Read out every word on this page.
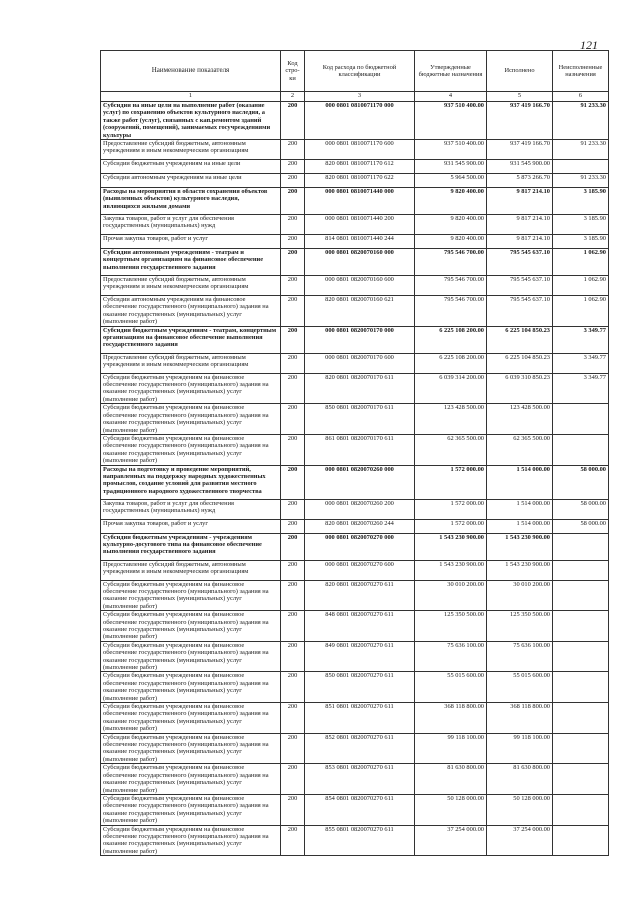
121
Наименование показателя	Код стро-ки	Код расхода по бюджетной классификации	Утвержденные бюджетные назначения	Исполнено	Неисполненные назначения
1	2	3	4	5	6
Субсидии на иные цели на выполнение работ (оказание услуг) по сохранению объектов культурного наследия, а также работ (услуг), связанных с кап.ремонтом зданий (сооружений, помещений), занимаемых госучреждениями культуры	200	000 0801 0810071170 000	937 510 400.00	937 419 166.70	91 233.30
Предоставление субсидий бюджетным, автономным учреждениям и иным некоммерческим организациям	200	000 0801 0810071170 600	937 510 400.00	937 419 166.70	91 233.30
Субсидии бюджетным учреждениям на иные цели	200	820 0801 0810071170 612	931 545 900.00	931 545 900.00	
Субсидии автономным учреждениям на иные цели	200	820 0801 0810071170 622	5 964 500.00	5 873 266.70	91 233.30
Расходы на мероприятия в области сохранения объектов (выявленных объектов) культурного наследия, являющихся жилыми домами	200	000 0801 0810071440 000	9 820 400.00	9 817 214.10	3 185.90
Закупка товаров, работ и услуг для обеспечения государственных (муниципальных) нужд	200	000 0801 0810071440 200	9 820 400.00	9 817 214.10	3 185.90
Прочая закупка товаров, работ и услуг	200	814 0801 0810071440 244	9 820 400.00	9 817 214.10	3 185.90
Субсидии автономным учреждениям - театрам и концертным организациям на финансовое обеспечение выполнения государственного задания	200	000 0801 0820070160 000	795 546 700.00	795 545 637.10	1 062.90
Предоставление субсидий бюджетным, автономным учреждениям и иным некоммерческим организациям	200	000 0801 0820070160 600	795 546 700.00	795 545 637.10	1 062.90
Субсидии автономным учреждениям на финансовое обеспечение государственного (муниципального) задания на оказание государственных (муниципальных) услуг (выполнение работ)	200	820 0801 0820070160 621	795 546 700.00	795 545 637.10	1 062.90
Субсидии бюджетным учреждениям - театрам, концертным организациям на финансовое обеспечение выполнения государственного задания	200	000 0801 0820070170 000	6 225 108 200.00	6 225 104 850.23	3 349.77
Предоставление субсидий бюджетным, автономным учреждениям и иным некоммерческим организациям	200	000 0801 0820070170 600	6 225 108 200.00	6 225 104 850.23	3 349.77
Субсидии бюджетным учреждениям на финансовое обеспечение государственного (муниципального) задания на оказание государственных (муниципальных) услуг (выполнение работ)	200	820 0801 0820070170 611	6 039 314 200.00	6 039 310 850.23	3 349.77
Субсидии бюджетным учреждениям на финансовое обеспечение государственного (муниципального) задания на оказание государственных (муниципальных) услуг (выполнение работ)	200	850 0801 0820070170 611	123 428 500.00	123 428 500.00	
Субсидии бюджетным учреждениям на финансовое обеспечение государственного (муниципального) задания на оказание государственных (муниципальных) услуг (выполнение работ)	200	861 0801 0820070170 611	62 365 500.00	62 365 500.00	
Расходы на подготовку и проведение мероприятий, направленных на поддержку народных художественных промыслов, создание условий для развития местного традиционного народного художественного творчества	200	000 0801 0820070260 000	1 572 000.00	1 514 000.00	58 000.00
Закупка товаров, работ и услуг для обеспечения государственных (муниципальных) нужд	200	000 0801 0820070260 200	1 572 000.00	1 514 000.00	58 000.00
Прочая закупка товаров, работ и услуг	200	820 0801 0820070260 244	1 572 000.00	1 514 000.00	58 000.00
Субсидии бюджетным учреждениям - учреждениям культурно-досугового типа на финансовое обеспечение выполнения государственного задания	200	000 0801 0820070270 000	1 543 230 900.00	1 543 230 900.00	
Предоставление субсидий бюджетным, автономным учреждениям и иным некоммерческим организациям	200	000 0801 0820070270 600	1 543 230 900.00	1 543 230 900.00	
Субсидии бюджетным учреждениям на финансовое обеспечение государственного (муниципального) задания на оказание государственных (муниципальных) услуг (выполнение работ)	200	820 0801 0820070270 611	30 010 200.00	30 010 200.00	
Субсидии бюджетным учреждениям на финансовое обеспечение государственного (муниципального) задания на оказание государственных (муниципальных) услуг (выполнение работ)	200	848 0801 0820070270 611	125 350 500.00	125 350 500.00	
Субсидии бюджетным учреждениям на финансовое обеспечение государственного (муниципального) задания на оказание государственных (муниципальных) услуг (выполнение работ)	200	849 0801 0820070270 611	75 636 100.00	75 636 100.00	
Субсидии бюджетным учреждениям на финансовое обеспечение государственного (муниципального) задания на оказание государственных (муниципальных) услуг (выполнение работ)	200	850 0801 0820070270 611	55 015 600.00	55 015 600.00	
Субсидии бюджетным учреждениям на финансовое обеспечение государственного (муниципального) задания на оказание государственных (муниципальных) услуг (выполнение работ)	200	851 0801 0820070270 611	368 118 800.00	368 118 800.00	
Субсидии бюджетным учреждениям на финансовое обеспечение государственного (муниципального) задания на оказание государственных (муниципальных) услуг (выполнение работ)	200	852 0801 0820070270 611	99 118 100.00	99 118 100.00	
Субсидии бюджетным учреждениям на финансовое обеспечение государственного (муниципального) задания на оказание государственных (муниципальных) услуг (выполнение работ)	200	853 0801 0820070270 611	81 630 800.00	81 630 800.00	
Субсидии бюджетным учреждениям на финансовое обеспечение государственного (муниципального) задания на оказание государственных (муниципальных) услуг (выполнение работ)	200	854 0801 0820070270 611	50 128 000.00	50 128 000.00	
Субсидии бюджетным учреждениям на финансовое обеспечение государственного (муниципального) задания на оказание государственных (муниципальных) услуг (выполнение работ)	200	855 0801 0820070270 611	37 254 000.00	37 254 000.00	
